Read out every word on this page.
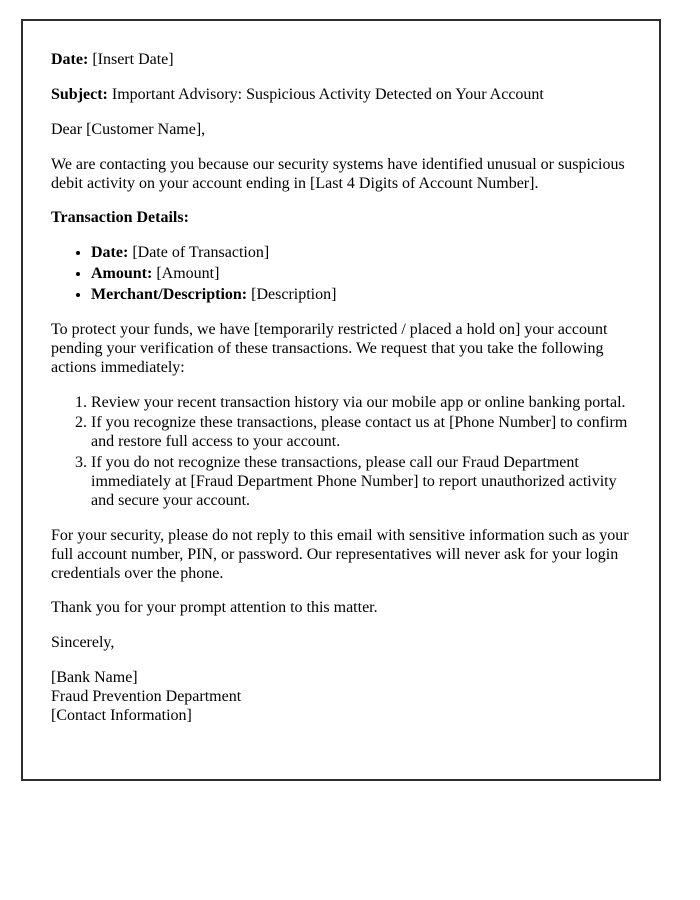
Date: [Insert Date]

Subject: Important Advisory: Suspicious Activity Detected on Your Account

Dear [Customer Name],

We are contacting you because our security systems have identified unusual or suspicious debit activity on your account ending in [Last 4 Digits of Account Number].

Transaction Details:

• Date: [Date of Transaction]
• Amount: [Amount]
• Merchant/Description: [Description]

To protect your funds, we have [temporarily restricted / placed a hold on] your account pending your verification of these transactions. We request that you take the following actions immediately:

1. Review your recent transaction history via our mobile app or online banking portal.
2. If you recognize these transactions, please contact us at [Phone Number] to confirm and restore full access to your account.
3. If you do not recognize these transactions, please call our Fraud Department immediately at [Fraud Department Phone Number] to report unauthorized activity and secure your account.

For your security, please do not reply to this email with sensitive information such as your full account number, PIN, or password. Our representatives will never ask for your login credentials over the phone.

Thank you for your prompt attention to this matter.

Sincerely,

[Bank Name]
Fraud Prevention Department
[Contact Information]
